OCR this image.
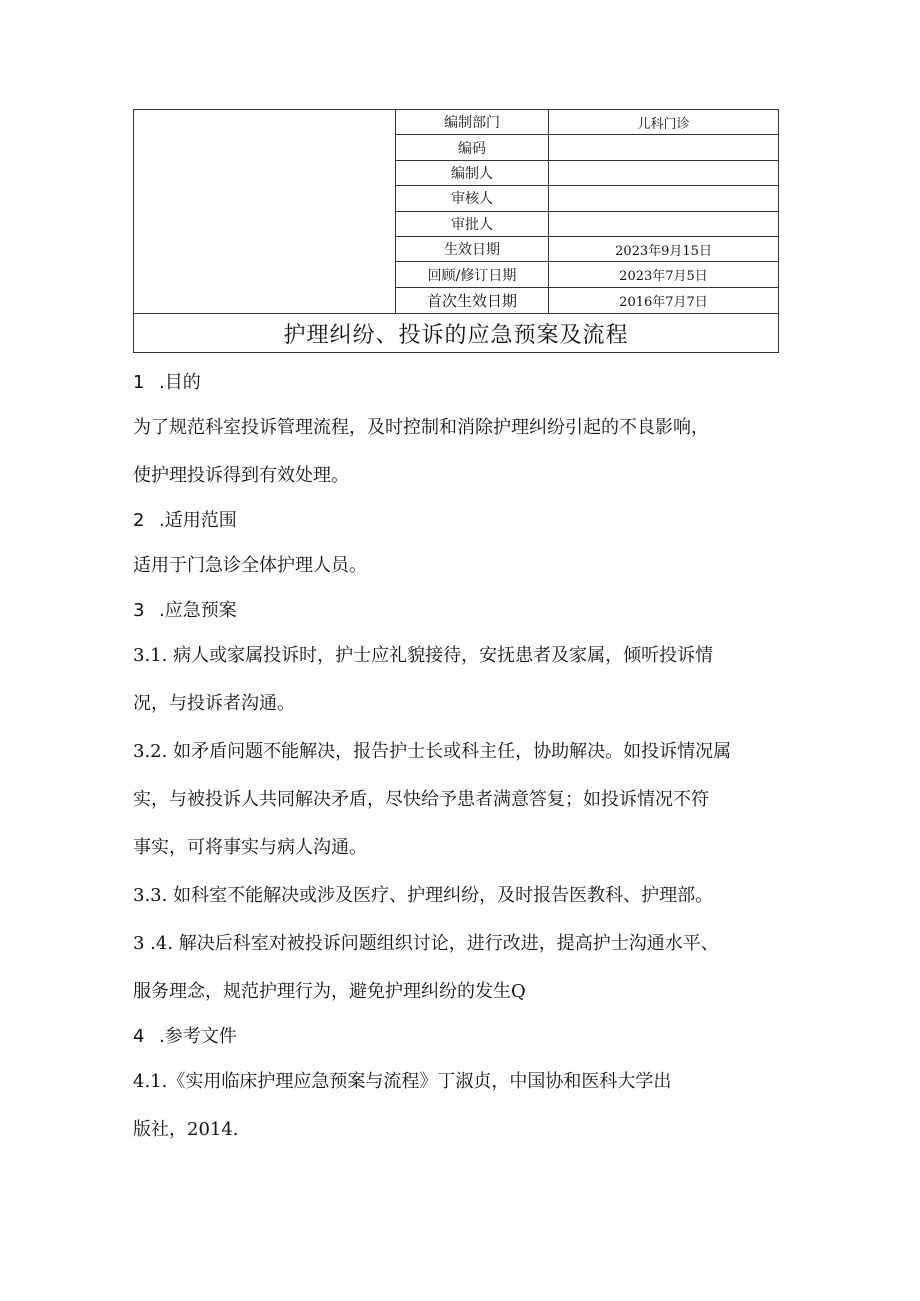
编制部门	儿科门诊
编码
编制人
审核人
审批人
生效日期	2023年9月15日
回顾/修订日期	2023年7月5日
首次生效日期	2016年7月7日
护理纠纷、投诉的应急预案及流程

1 .目的

为了规范科室投诉管理流程，及时控制和消除护理纠纷引起的不良影响，

使护理投诉得到有效处理。

2 .适用范围

适用于门急诊全体护理人员。

3 .应急预案

3.1. 病人或家属投诉时，护士应礼貌接待，安抚患者及家属，倾听投诉情

况，与投诉者沟通。

3.2. 如矛盾问题不能解决，报告护士长或科主任，协助解决。如投诉情况属

实，与被投诉人共同解决矛盾，尽快给予患者满意答复；如投诉情况不符

事实，可将事实与病人沟通。

3.3. 如科室不能解决或涉及医疗、护理纠纷，及时报告医教科、护理部。

3 .4. 解决后科室对被投诉问题组织讨论，进行改进，提高护士沟通水平、

服务理念，规范护理行为，避免护理纠纷的发生Q

4 .参考文件

4.1.《实用临床护理应急预案与流程》丁淑贞，中国协和医科大学出

版社，2014.
